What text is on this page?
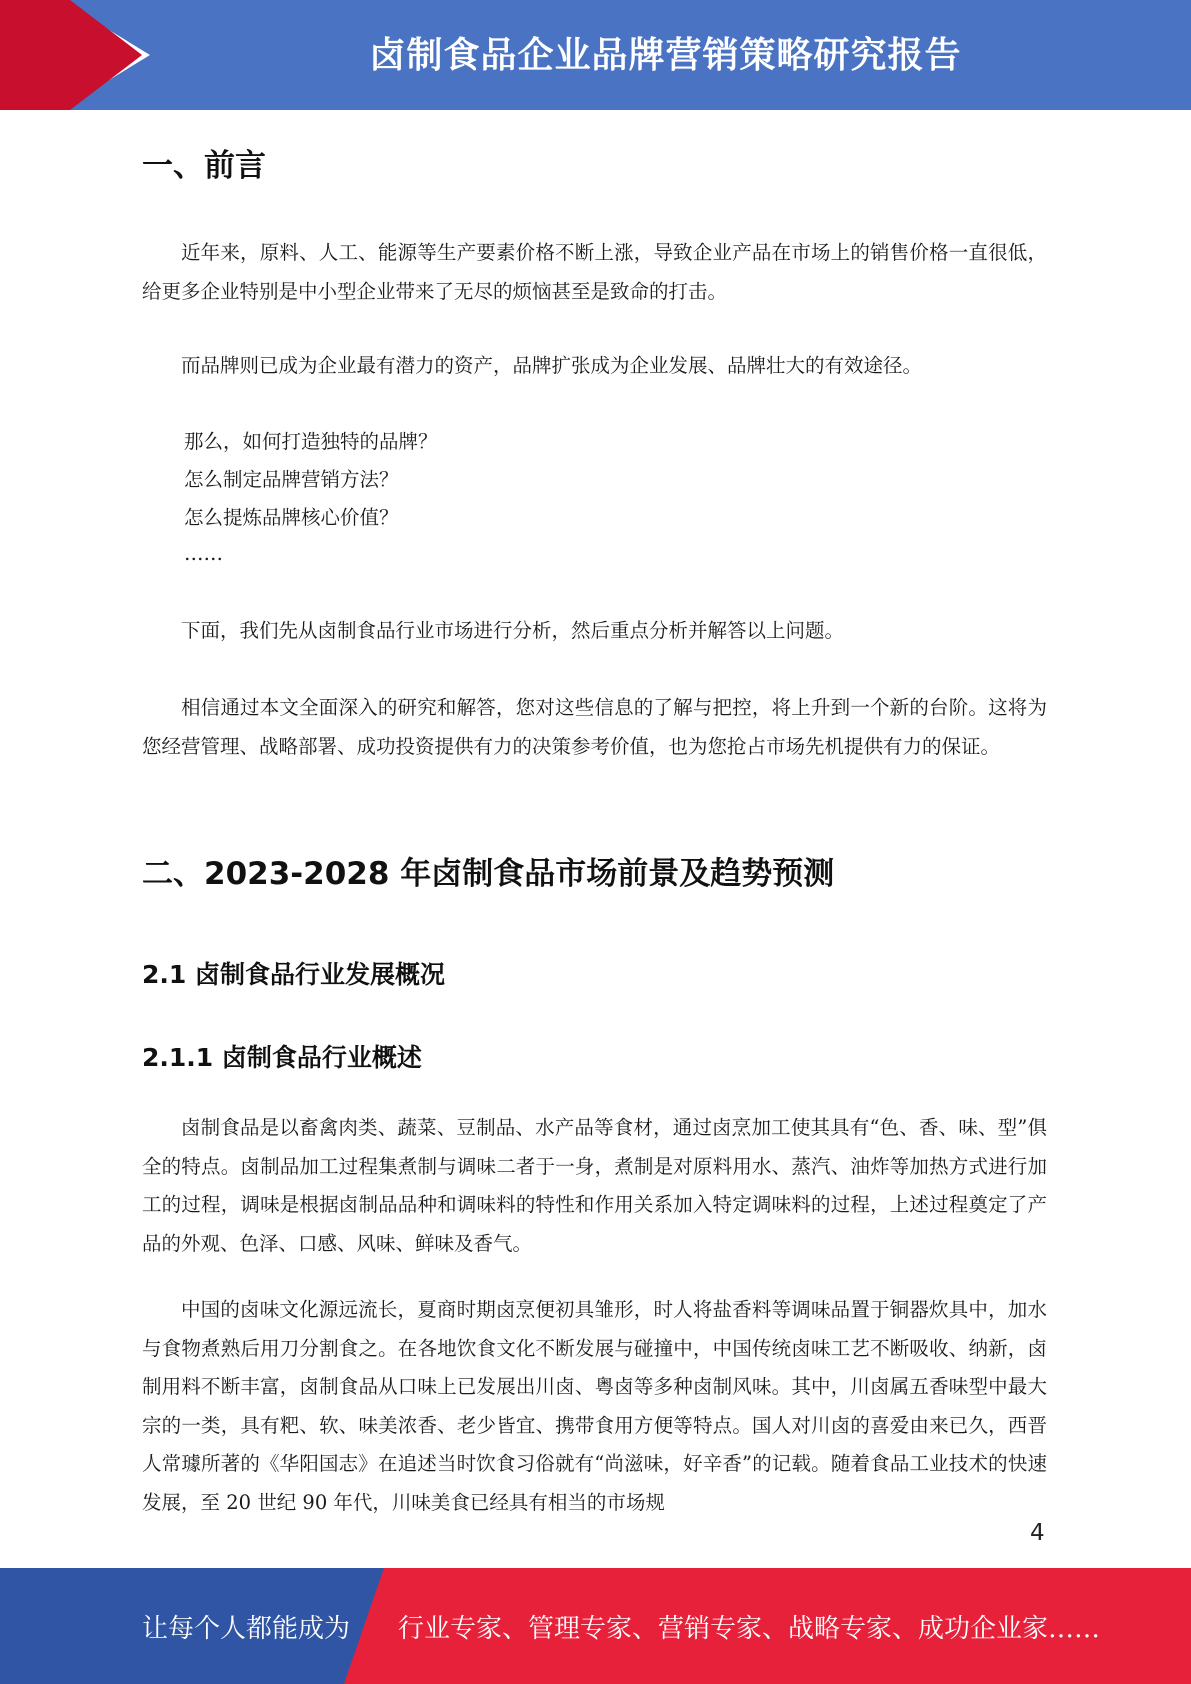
卤制食品企业品牌营销策略研究报告
一、前言

近年来，原料、人工、能源等生产要素价格不断上涨，导致企业产品在市场上的销售价格一直很低，给更多企业特别是中小型企业带来了无尽的烦恼甚至是致命的打击。

而品牌则已成为企业最有潜力的资产，品牌扩张成为企业发展、品牌壮大的有效途径。

那么，如何打造独特的品牌？

怎么制定品牌营销方法？

怎么提炼品牌核心价值？

……

下面，我们先从卤制食品行业市场进行分析，然后重点分析并解答以上问题。

相信通过本文全面深入的研究和解答，您对这些信息的了解与把控，将上升到一个新的台阶。这将为您经营管理、战略部署、成功投资提供有力的决策参考价值，也为您抢占市场先机提供有力的保证。

二、2023-2028 年卤制食品市场前景及趋势预测
2.1 卤制食品行业发展概况
2.1.1 卤制食品行业概述

卤制食品是以畜禽肉类、蔬菜、豆制品、水产品等食材，通过卤烹加工使其具有“色、香、味、型”俱全的特点。卤制品加工过程集煮制与调味二者于一身，煮制是对原料用水、蒸汽、油炸等加热方式进行加工的过程，调味是根据卤制品品种和调味料的特性和作用关系加入特定调味料的过程，上述过程奠定了产品的外观、色泽、口感、风味、鲜味及香气。

中国的卤味文化源远流长，夏商时期卤烹便初具雏形，时人将盐香料等调味品置于铜器炊具中，加水与食物煮熟后用刀分割食之。在各地饮食文化不断发展与碰撞中，中国传统卤味工艺不断吸收、纳新，卤制用料不断丰富，卤制食品从口味上已发展出川卤、粤卤等多种卤制风味。其中，川卤属五香味型中最大宗的一类，具有粑、软、味美浓香、老少皆宜、携带食用方便等特点。国人对川卤的喜爱由来已久，西晋人常璩所著的《华阳国志》在追述当时饮食习俗就有“尚滋味，好辛香”的记载。随着食品工业技术的快速发展，至 20 世纪 90 年代，川味美食已经具有相当的市场规

4
让每个人都能成为 行业专家、管理专家、营销专家、战略专家、成功企业家……
